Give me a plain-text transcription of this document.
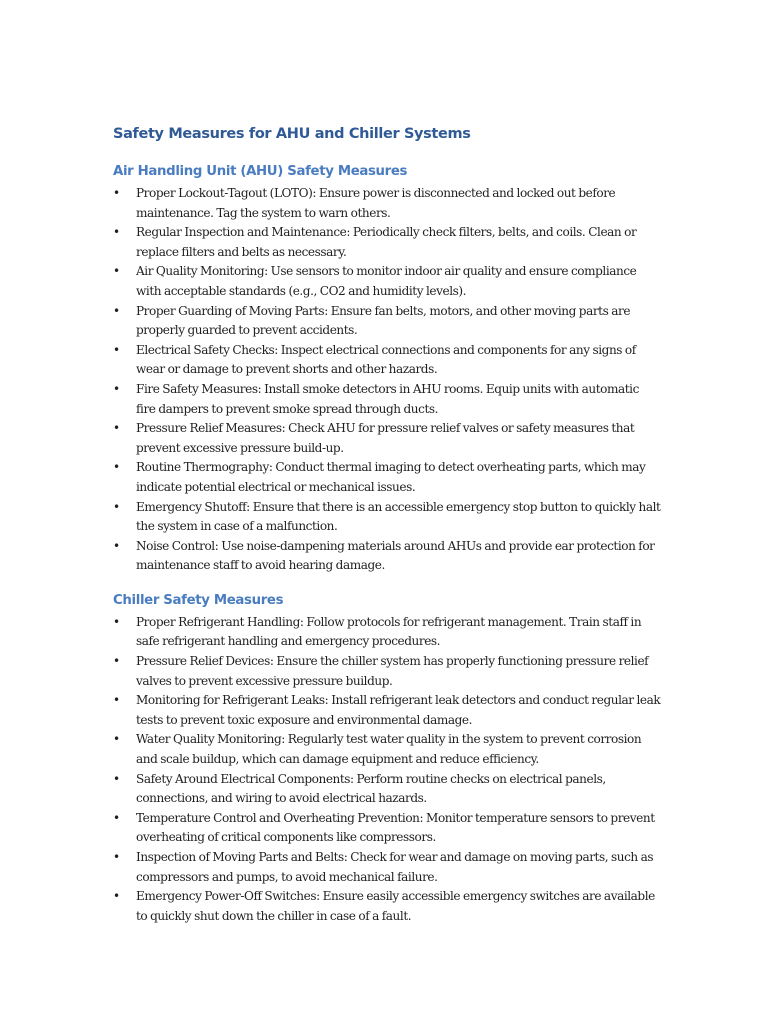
Safety Measures for AHU and Chiller Systems
Air Handling Unit (AHU) Safety Measures
• Proper Lockout-Tagout (LOTO): Ensure power is disconnected and locked out before maintenance. Tag the system to warn others.
• Regular Inspection and Maintenance: Periodically check filters, belts, and coils. Clean or replace filters and belts as necessary.
• Air Quality Monitoring: Use sensors to monitor indoor air quality and ensure compliance with acceptable standards (e.g., CO2 and humidity levels).
• Proper Guarding of Moving Parts: Ensure fan belts, motors, and other moving parts are properly guarded to prevent accidents.
• Electrical Safety Checks: Inspect electrical connections and components for any signs of wear or damage to prevent shorts and other hazards.
• Fire Safety Measures: Install smoke detectors in AHU rooms. Equip units with automatic fire dampers to prevent smoke spread through ducts.
• Pressure Relief Measures: Check AHU for pressure relief valves or safety measures that prevent excessive pressure build-up.
• Routine Thermography: Conduct thermal imaging to detect overheating parts, which may indicate potential electrical or mechanical issues.
• Emergency Shutoff: Ensure that there is an accessible emergency stop button to quickly halt the system in case of a malfunction.
• Noise Control: Use noise-dampening materials around AHUs and provide ear protection for maintenance staff to avoid hearing damage.
Chiller Safety Measures
• Proper Refrigerant Handling: Follow protocols for refrigerant management. Train staff in safe refrigerant handling and emergency procedures.
• Pressure Relief Devices: Ensure the chiller system has properly functioning pressure relief valves to prevent excessive pressure buildup.
• Monitoring for Refrigerant Leaks: Install refrigerant leak detectors and conduct regular leak tests to prevent toxic exposure and environmental damage.
• Water Quality Monitoring: Regularly test water quality in the system to prevent corrosion and scale buildup, which can damage equipment and reduce efficiency.
• Safety Around Electrical Components: Perform routine checks on electrical panels, connections, and wiring to avoid electrical hazards.
• Temperature Control and Overheating Prevention: Monitor temperature sensors to prevent overheating of critical components like compressors.
• Inspection of Moving Parts and Belts: Check for wear and damage on moving parts, such as compressors and pumps, to avoid mechanical failure.
• Emergency Power-Off Switches: Ensure easily accessible emergency switches are available to quickly shut down the chiller in case of a fault.
